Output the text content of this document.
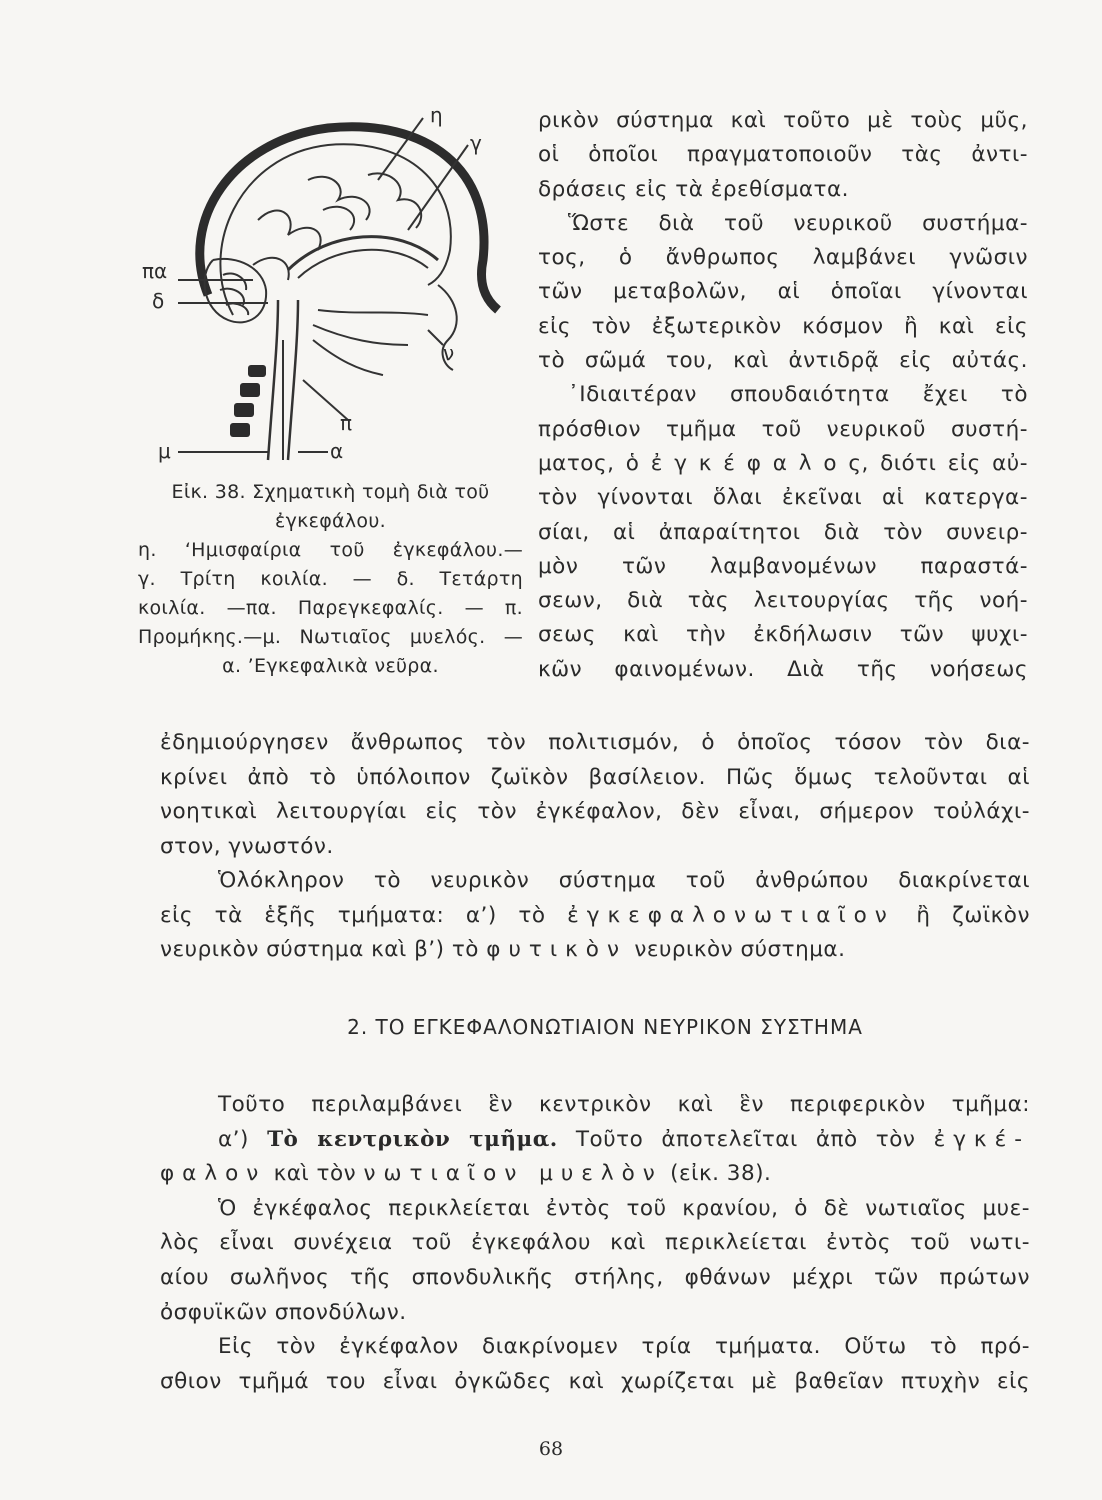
η
γ
πα
δ
ν
π
μ	α
Εἰκ. 38. Σχηματικὴ τομὴ διὰ τοῦ
ἐγκεφάλου.
η. ‘Ημισφαίρια τοῦ ἐγκεφάλου.—
γ. Τρίτη κοιλία. — δ. Τετάρτη
κοιλία. —πα. Παρεγκεφαλίς. — π.
Προμήκης.—μ. Νωτιαῖος μυελός. —
α. ’Εγκεφαλικὰ νεῦρα.
ρικὸν σύστημα καὶ τοῦτο μὲ τοὺς μῦς,
οἱ ὁποῖοι πραγματοποιοῦν τὰς ἀντι-
δράσεις εἰς τὰ ἐρεθίσματα.
Ὥστε διὰ τοῦ νευρικοῦ συστήμα-
τος, ὁ ἄνθρωπος λαμβάνει γνῶσιν
τῶν μεταβολῶν, αἱ ὁποῖαι γίνονται
εἰς τὸν ἐξωτερικὸν κόσμον ἢ καὶ εἰς
τὸ σῶμά του, καὶ ἀντιδρᾷ εἰς αὐτάς.
᾿Ιδιαιτέραν σπουδαιότητα ἔχει τὸ
πρόσθιον τμῆμα τοῦ νευρικοῦ συστή-
ματος, ὁ ἐ γ κ έ φ α λ ο ς, διότι εἰς αὐ-
τὸν γίνονται ὅλαι ἐκεῖναι αἱ κατεργα-
σίαι, αἱ ἀπαραίτητοι διὰ τὸν συνειρ-
μὸν τῶν λαμβανομένων παραστά-
σεων, διὰ τὰς λειτουργίας τῆς νοή-
σεως καὶ τὴν ἐκδήλωσιν τῶν ψυχι-
κῶν φαινομένων. Διὰ τῆς νοήσεως
ἐδημιούργησεν ἄνθρωπος τὸν πολιτισμόν, ὁ ὁποῖος τόσον τὸν δια-
κρίνει ἀπὸ τὸ ὑπόλοιπον ζωϊκὸν βασίλειον. Πῶς ὅμως τελοῦνται αἱ
νοητικαὶ λειτουργίαι εἰς τὸν ἐγκέφαλον, δὲν εἶναι, σήμερον τοὐλάχι-
στον, γνωστόν.
Ὁλόκληρον τὸ νευρικὸν σύστημα τοῦ ἀνθρώπου διακρίνεται
εἰς τὰ ἑξῆς τμήματα: α’) τὸ ἐγκεφαλονωτιαῖον ἢ ζωϊκὸν
νευρικὸν σύστημα καὶ β’) τὸ φυτικὸν νευρικὸν σύστημα.
2. ΤΟ ΕΓΚΕΦΑΛΟΝΩΤΙΑΙΟΝ ΝΕΥΡΙΚΟΝ ΣΥΣΤΗΜΑ
Τοῦτο περιλαμβάνει ἓν κεντρικὸν καὶ ἓν περιφερικὸν τμῆμα:
α’) Τὸ κεντρικὸν τμῆμα. Τοῦτο ἀποτελεῖται ἀπὸ τὸν ἐγκέ-
φαλον καὶ τὸν νωτιαῖον μυελὸν (εἰκ. 38).
Ὁ ἐγκέφαλος περικλείεται ἐντὸς τοῦ κρανίου, ὁ δὲ νωτιαῖος μυε-
λὸς εἶναι συνέχεια τοῦ ἐγκεφάλου καὶ περικλείεται ἐντὸς τοῦ νωτι-
αίου σωλῆνος τῆς σπονδυλικῆς στήλης, φθάνων μέχρι τῶν πρώτων
ὀσφυϊκῶν σπονδύλων.
Εἰς τὸν ἐγκέφαλον διακρίνομεν τρία τμήματα. Οὕτω τὸ πρό-
σθιον τμῆμά του εἶναι ὀγκῶδες καὶ χωρίζεται μὲ βαθεῖαν πτυχὴν εἰς
68
